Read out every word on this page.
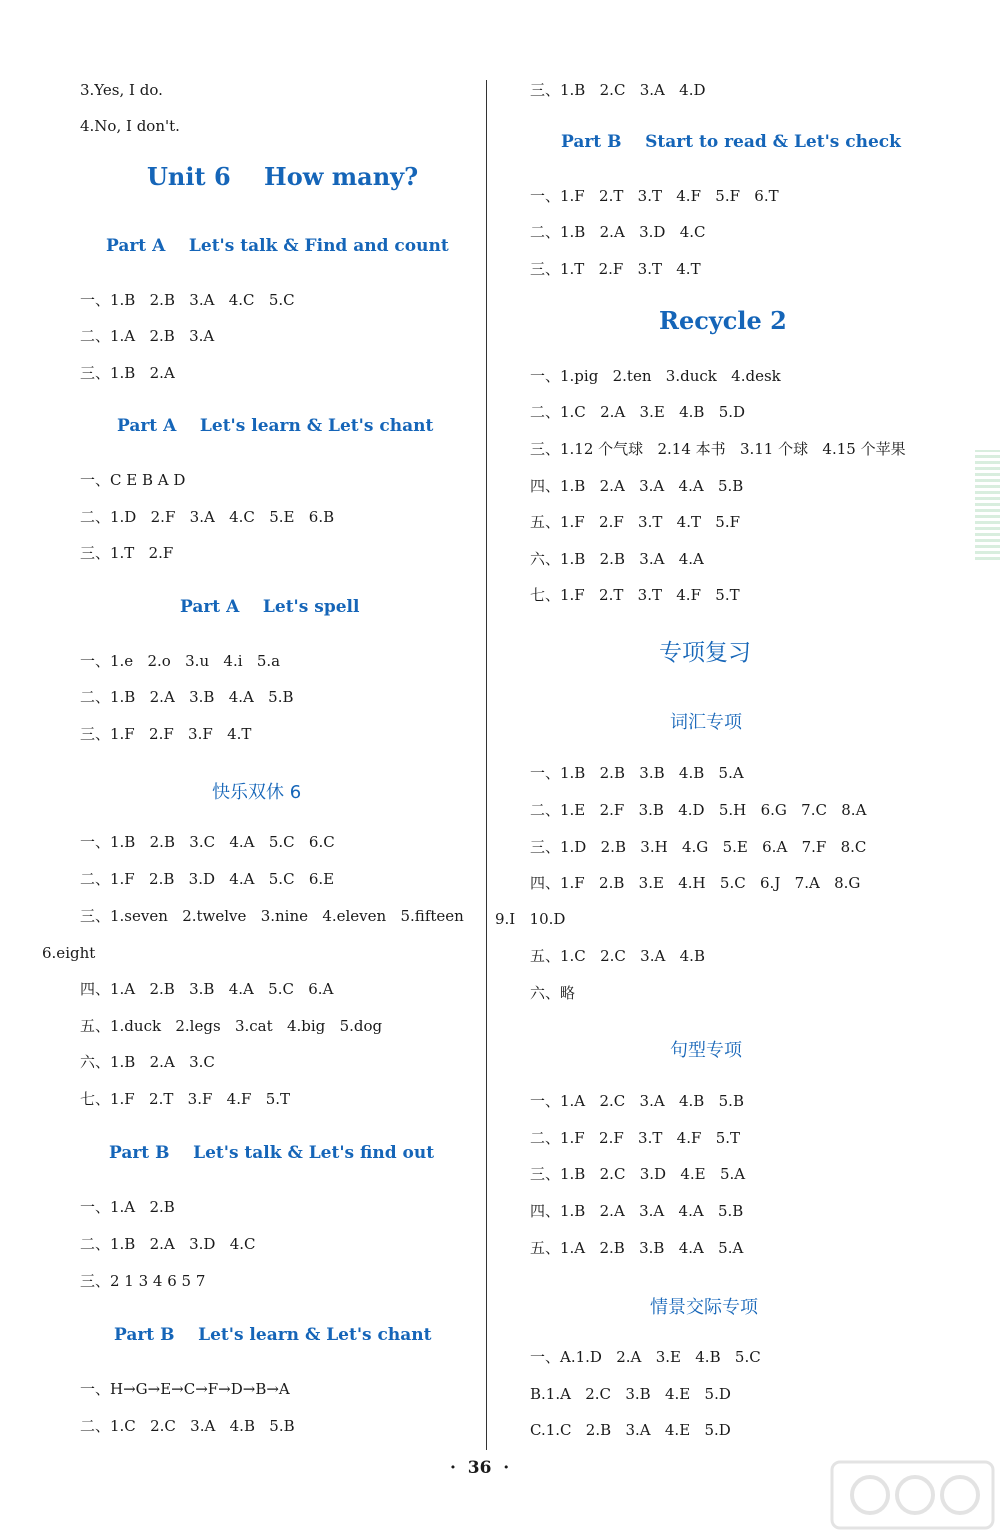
3.Yes, I do.
4.No, I don't.
Unit 6    How many?
Part A    Let's talk & Find and count
一、1.B   2.B   3.A   4.C   5.C
二、1.A   2.B   3.A
三、1.B   2.A
Part A    Let's learn & Let's chant
一、C E B A D
二、1.D   2.F   3.A   4.C   5.E   6.B
三、1.T   2.F
Part A    Let's spell
一、1.e   2.o   3.u   4.i   5.a
二、1.B   2.A   3.B   4.A   5.B
三、1.F   2.F   3.F   4.T
快乐双休 6
一、1.B   2.B   3.C   4.A   5.C   6.C
二、1.F   2.B   3.D   4.A   5.C   6.E
三、1.seven   2.twelve   3.nine   4.eleven   5.fifteen
6.eight
四、1.A   2.B   3.B   4.A   5.C   6.A
五、1.duck   2.legs   3.cat   4.big   5.dog
六、1.B   2.A   3.C
七、1.F   2.T   3.F   4.F   5.T
Part B    Let's talk & Let's find out
一、1.A   2.B
二、1.B   2.A   3.D   4.C
三、2 1 3 4 6 5 7
Part B    Let's learn & Let's chant
一、H→G→E→C→F→D→B→A
二、1.C   2.C   3.A   4.B   5.B
三、1.B   2.C   3.A   4.D
Part B    Start to read & Let's check
一、1.F   2.T   3.T   4.F   5.F   6.T
二、1.B   2.A   3.D   4.C
三、1.T   2.F   3.T   4.T
Recycle 2
一、1.pig   2.ten   3.duck   4.desk
二、1.C   2.A   3.E   4.B   5.D
三、1.12 个气球   2.14 本书   3.11 个球   4.15 个苹果
四、1.B   2.A   3.A   4.A   5.B
五、1.F   2.F   3.T   4.T   5.F
六、1.B   2.B   3.A   4.A
七、1.F   2.T   3.T   4.F   5.T
专项复习
词汇专项
一、1.B   2.B   3.B   4.B   5.A
二、1.E   2.F   3.B   4.D   5.H   6.G   7.C   8.A
三、1.D   2.B   3.H   4.G   5.E   6.A   7.F   8.C
四、1.F   2.B   3.E   4.H   5.C   6.J   7.A   8.G
9.I   10.D
五、1.C   2.C   3.A   4.B
六、略
句型专项
一、1.A   2.C   3.A   4.B   5.B
二、1.F   2.F   3.T   4.F   5.T
三、1.B   2.C   3.D   4.E   5.A
四、1.B   2.A   3.A   4.A   5.B
五、1.A   2.B   3.B   4.A   5.A
情景交际专项
一、A.1.D   2.A   3.E   4.B   5.C
B.1.A   2.C   3.B   4.E   5.D
C.1.C   2.B   3.A   4.E   5.D
·  36  ·
